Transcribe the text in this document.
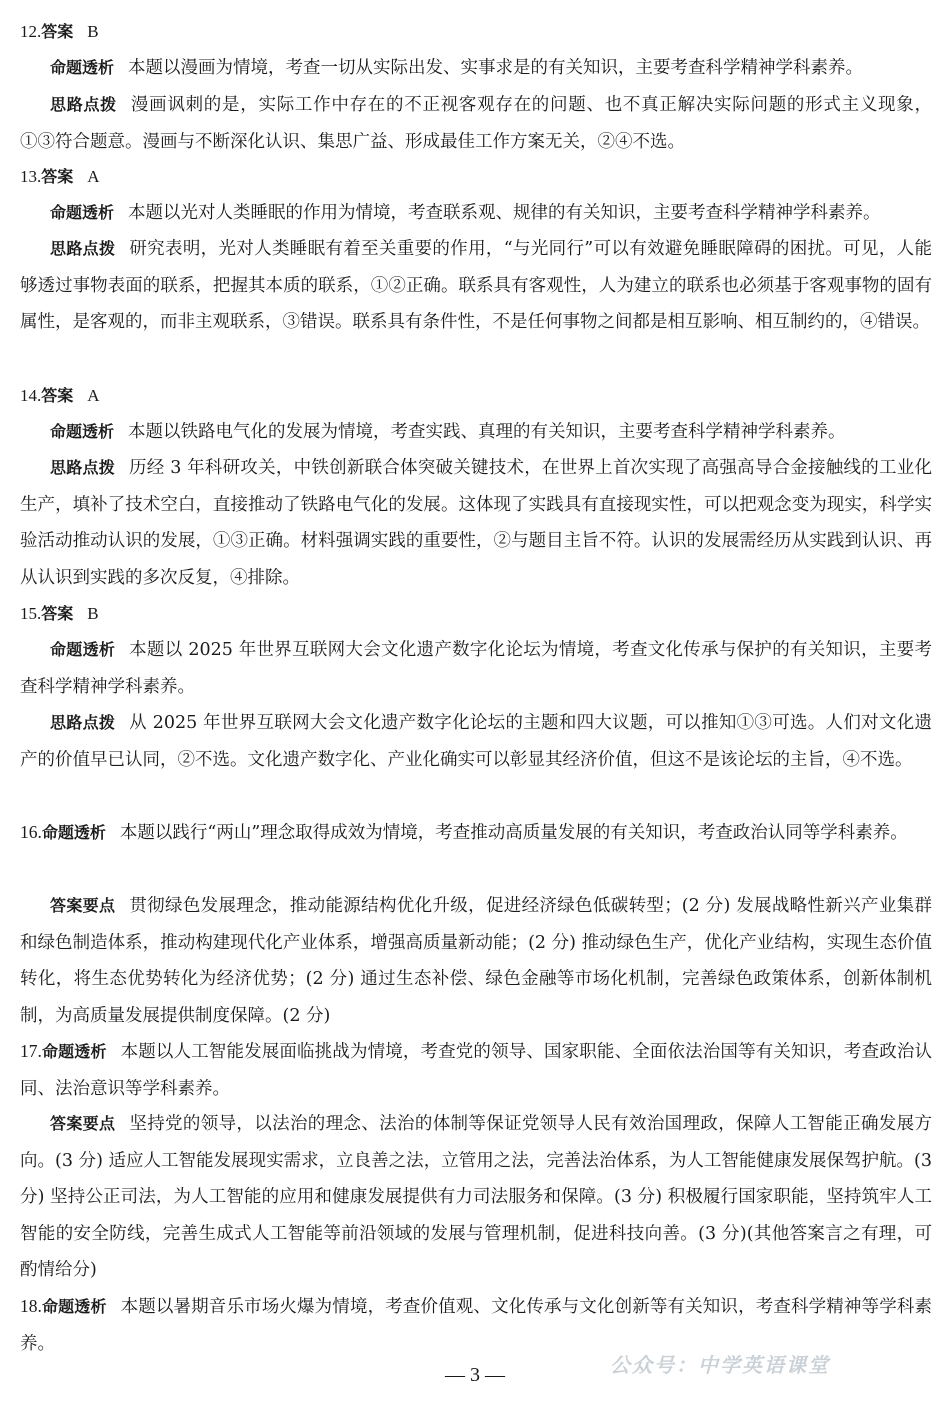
12.答案 B
命题透析 本题以漫画为情境，考查一切从实际出发、实事求是的有关知识，主要考查科学精神学科素养。
思路点拨 漫画讽刺的是，实际工作中存在的不正视客观存在的问题、也不真正解决实际问题的形式主义现象，①③符合题意。漫画与不断深化认识、集思广益、形成最佳工作方案无关，②④不选。
13.答案 A
命题透析 本题以光对人类睡眠的作用为情境，考查联系观、规律的有关知识，主要考查科学精神学科素养。
思路点拨 研究表明，光对人类睡眠有着至关重要的作用，“与光同行”可以有效避免睡眠障碍的困扰。可见，人能够透过事物表面的联系，把握其本质的联系，①②正确。联系具有客观性，人为建立的联系也必须基于客观事物的固有属性，是客观的，而非主观联系，③错误。联系具有条件性，不是任何事物之间都是相互影响、相互制约的，④错误。
14.答案 A
命题透析 本题以铁路电气化的发展为情境，考查实践、真理的有关知识，主要考查科学精神学科素养。
思路点拨 历经 3 年科研攻关，中铁创新联合体突破关键技术，在世界上首次实现了高强高导合金接触线的工业化生产，填补了技术空白，直接推动了铁路电气化的发展。这体现了实践具有直接现实性，可以把观念变为现实，科学实验活动推动认识的发展，①③正确。材料强调实践的重要性，②与题目主旨不符。认识的发展需经历从实践到认识、再从认识到实践的多次反复，④排除。
15.答案 B
命题透析 本题以 2025 年世界互联网大会文化遗产数字化论坛为情境，考查文化传承与保护的有关知识，主要考查科学精神学科素养。
思路点拨 从 2025 年世界互联网大会文化遗产数字化论坛的主题和四大议题，可以推知①③可选。人们对文化遗产的价值早已认同，②不选。文化遗产数字化、产业化确实可以彰显其经济价值，但这不是该论坛的主旨，④不选。
16.命题透析 本题以践行“两山”理念取得成效为情境，考查推动高质量发展的有关知识，考查政治认同等学科素养。
答案要点 贯彻绿色发展理念，推动能源结构优化升级，促进经济绿色低碳转型；(2 分) 发展战略性新兴产业集群和绿色制造体系，推动构建现代化产业体系，增强高质量新动能；(2 分) 推动绿色生产，优化产业结构，实现生态价值转化，将生态优势转化为经济优势；(2 分) 通过生态补偿、绿色金融等市场化机制，完善绿色政策体系，创新体制机制，为高质量发展提供制度保障。(2 分)
17.命题透析 本题以人工智能发展面临挑战为情境，考查党的领导、国家职能、全面依法治国等有关知识，考查政治认同、法治意识等学科素养。
答案要点 坚持党的领导，以法治的理念、法治的体制等保证党领导人民有效治国理政，保障人工智能正确发展方向。(3 分) 适应人工智能发展现实需求，立良善之法，立管用之法，完善法治体系，为人工智能健康发展保驾护航。(3 分) 坚持公正司法，为人工智能的应用和健康发展提供有力司法服务和保障。(3 分) 积极履行国家职能，坚持筑牢人工智能的安全防线，完善生成式人工智能等前沿领域的发展与管理机制，促进科技向善。(3 分)(其他答案言之有理，可酌情给分)
18.命题透析 本题以暑期音乐市场火爆为情境，考查价值观、文化传承与文化创新等有关知识，考查科学精神等学科素养。
公众号：中学英语课堂
— 3 —
